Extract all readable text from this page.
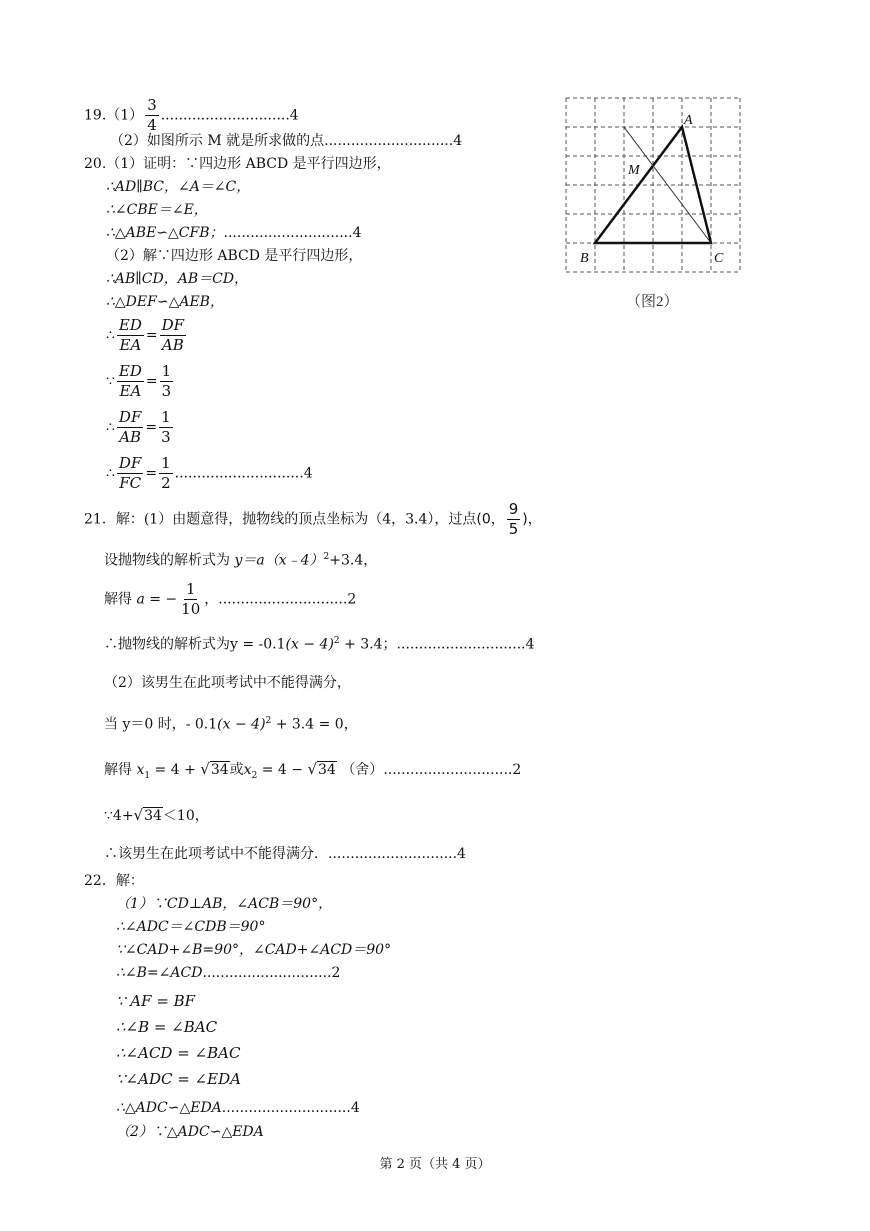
$19.(1) \frac{3}{4} .............................4$
（2）如图所示 M 就是所求做的点.............................4
20.（1）证明：∵四边形 ABCD 是平行四边形，
∴AD∥BC，∠A＝∠C，
∴∠CBE＝∠E，
∴△ABE∽△CFB；.............................4
（2）解∵四边形 ABCD 是平行四边形，
∴AB∥CD，AB＝CD，
∴△DEF∽△AEB，
∴ $\frac{ED}{EA} = \frac{DF}{AB}$
∵ $\frac{ED}{EA} = \frac{1}{3}$
∴ $\frac{DF}{AB} = \frac{1}{3}$
∴ $\frac{DF}{FC} = \frac{1}{2} .............................4$
21．解：(1）由题意得，抛物线的顶点坐标为（4，3.4），过点(0， $\frac{9}{5}$ )，
设抛物线的解析式为 y＝a（x﹣4）$^2$+3.4，
解得 a = − $\frac{1}{10}$ ，.............................2
∴抛物线的解析式为$y = -0.1(x - 4)^2 + 3.4$；.............................4
（2）该男生在此项考试中不能得满分，
当 y＝0 时，- $0.1(x - 4)^2 + 3.4 = 0$，
解得 $x_1 = 4 + √34$或$x_2 = 4 - √34$ （舍）.............................2
∵4+√34＜10，
∴该男生在此项考试中不能得满分．.............................4
22．解：
（1）∵CD⊥AB，∠ACB＝90°，
∴∠ADC＝∠CDB＝90°
∵∠CAD+∠B=90°，∠CAD+∠ACD＝90°
∴∠B=∠ACD.............................2
∵ AF = BF
∴∠B = ∠BAC
∴∠ACD = ∠BAC
∵∠ADC = ∠EDA
∴△ADC∽△EDA.............................4
（2）∵△ADC∽△EDA
A
M
B	C
（图2）
第 2 页（共 4 页）
